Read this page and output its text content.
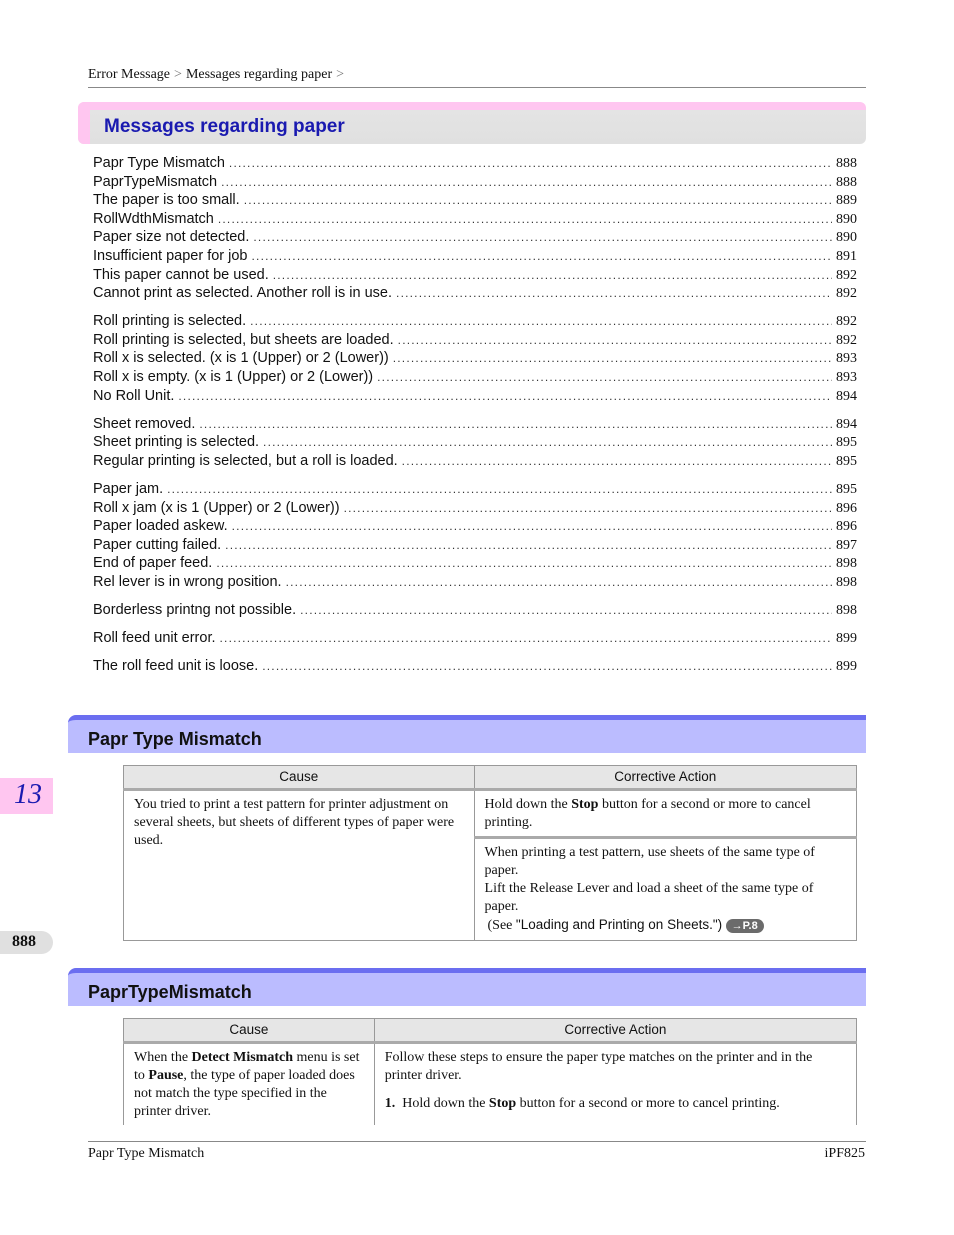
Error Message > Messages regarding paper >
Messages regarding paper
Papr Type Mismatch .....	888
PaprTypeMismatch .....	888
The paper is too small. .....	889
RollWdthMismatch .....	890
Paper size not detected. .....	890
Insufficient paper for job .....	891
This paper cannot be used. .....	892
Cannot print as selected. Another roll is in use. .....	892
Roll printing is selected. .....	892
Roll printing is selected, but sheets are loaded. .....	892
Roll x is selected. (x is 1 (Upper) or 2 (Lower)) .....	893
Roll x is empty. (x is 1 (Upper) or 2 (Lower)) .....	893
No Roll Unit. .....	894
Sheet removed. .....	894
Sheet printing is selected. .....	895
Regular printing is selected, but a roll is loaded. .....	895
Paper jam. .....	895
Roll x jam (x is 1 (Upper) or 2 (Lower)) .....	896
Paper loaded askew. .....	896
Paper cutting failed. .....	897
End of paper feed. .....	898
Rel lever is in wrong position. .....	898
Borderless printng not possible. .....	898
Roll feed unit error. .....	899
The roll feed unit is loose. .....	899
Papr Type Mismatch
Cause	Corrective Action
You tried to print a test pattern for printer adjustment on several sheets, but sheets of different types of paper were used.	Hold down the Stop button for a second or more to cancel printing.

	When printing a test pattern, use sheets of the same type of paper.
Lift the Release Lever and load a sheet of the same type of paper.
(See "Loading and Printing on Sheets.") →P.8
13
888
PaprTypeMismatch
Cause	Corrective Action
When the Detect Mismatch menu is set to Pause, the type of paper loaded does not match the type specified in the printer driver.	Follow these steps to ensure the paper type matches on the printer and in the printer driver.
1. Hold down the Stop button for a second or more to cancel printing.
Papr Type Mismatch	iPF825
